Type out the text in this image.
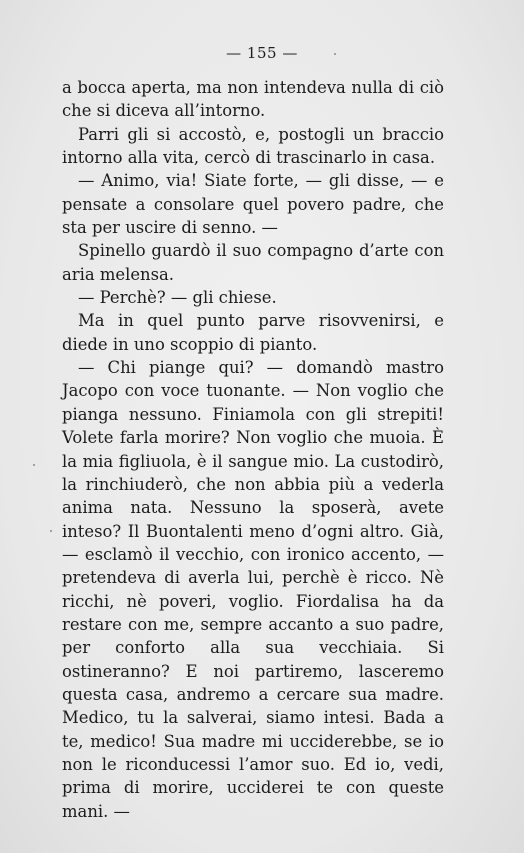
— 155 —

a bocca aperta, ma non intendeva nulla di ciò che si diceva all’intorno.

Parri gli si accostò, e, postogli un braccio intorno alla vita, cercò di trascinarlo in casa.

— Animo, via! Siate forte, — gli disse, — e pensate a consolare quel povero padre, che sta per uscire di senno. —

Spinello guardò il suo compagno d’arte con aria melensa.

— Perchè? — gli chiese.

Ma in quel punto parve risovvenirsi, e diede in uno scoppio di pianto.

— Chi piange qui? — domandò mastro Jacopo con voce tuonante. — Non voglio che pianga nessuno. Finiamola con gli strepiti! Volete farla morire? Non voglio che muoia. È la mia figliuola, è il sangue mio. La custodirò, la rinchiuderò, che non abbia più a vederla anima nata. Nessuno la sposerà, avete inteso? Il Buontalenti meno d’ogni altro. Già, — esclamò il vecchio, con ironico accento, — pretendeva di averla lui, perchè è ricco. Nè ricchi, nè poveri, voglio. Fiordalisa ha da restare con me, sempre accanto a suo padre, per conforto alla sua vecchiaia. Si ostineranno? E noi partiremo, lasceremo questa casa, andremo a cercare sua madre. Medico, tu la salverai, siamo intesi. Bada a te, medico! Sua madre mi ucciderebbe, se io non le riconducessi l’amor suo. Ed io, vedi, prima di morire, ucciderei te con queste mani. —
